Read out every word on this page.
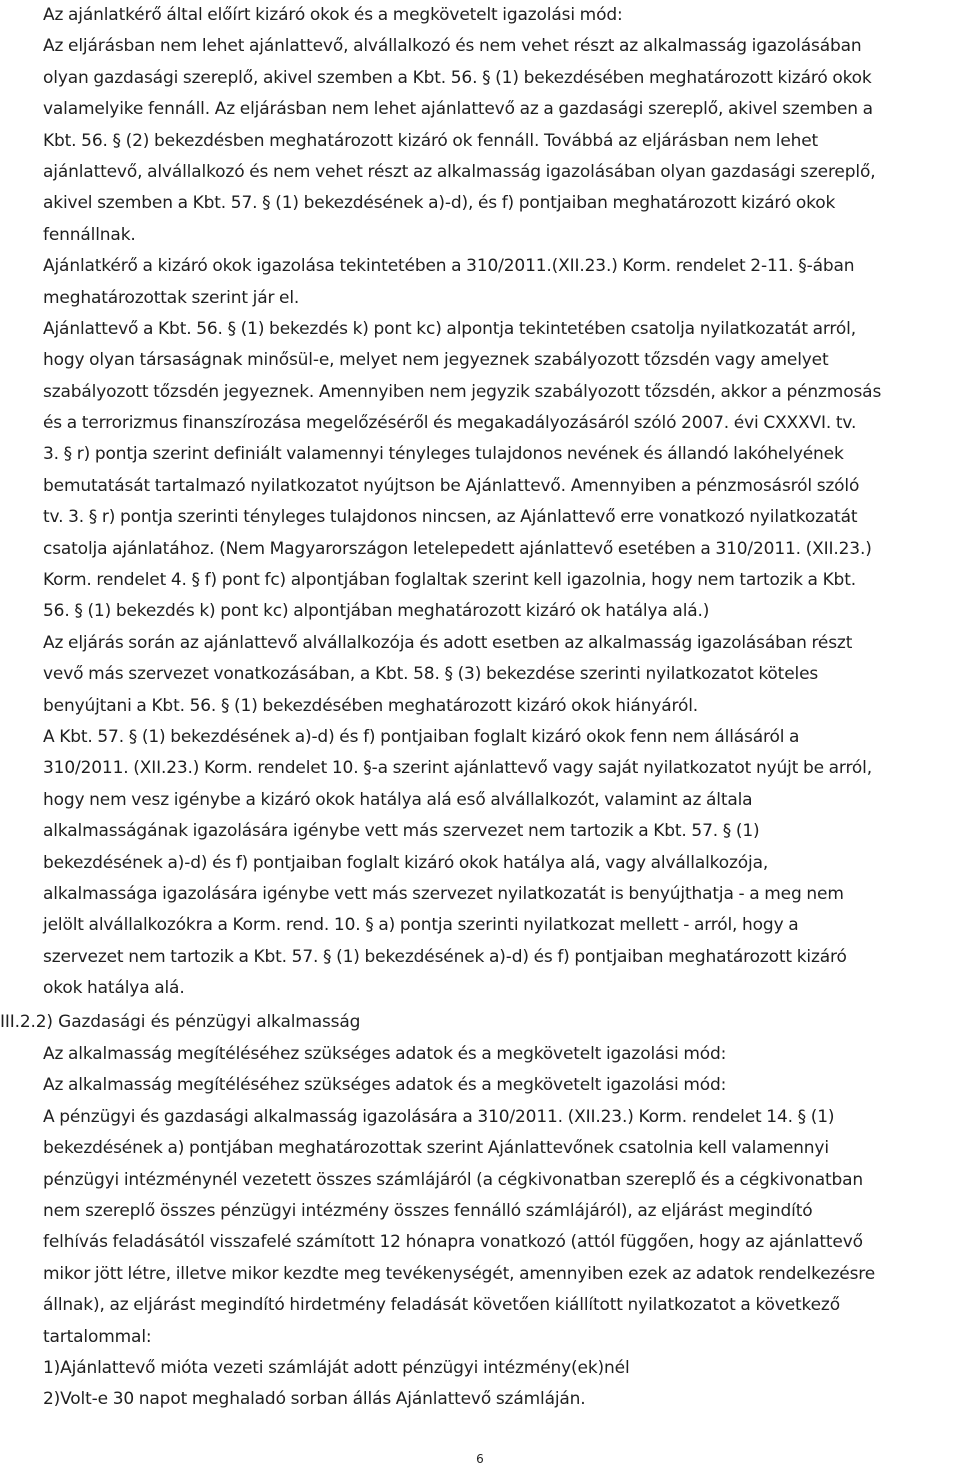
Az ajánlatkérő által előírt kizáró okok és a megkövetelt igazolási mód:
Az eljárásban nem lehet ajánlattevő, alvállalkozó és nem vehet részt az alkalmasság igazolásában
olyan gazdasági szereplő, akivel szemben a Kbt. 56. § (1) bekezdésében meghatározott kizáró okok
valamelyike fennáll. Az eljárásban nem lehet ajánlattevő az a gazdasági szereplő, akivel szemben a
Kbt. 56. § (2) bekezdésben meghatározott kizáró ok fennáll. Továbbá az eljárásban nem lehet
ajánlattevő, alvállalkozó és nem vehet részt az alkalmasság igazolásában olyan gazdasági szereplő,
akivel szemben a Kbt. 57. § (1) bekezdésének a)-d), és f) pontjaiban meghatározott kizáró okok
fennállnak.
Ajánlatkérő a kizáró okok igazolása tekintetében a 310/2011.(XII.23.) Korm. rendelet 2-11. §-ában
meghatározottak szerint jár el.
Ajánlattevő a Kbt. 56. § (1) bekezdés k) pont kc) alpontja tekintetében csatolja nyilatkozatát arról,
hogy olyan társaságnak minősül-e, melyet nem jegyeznek szabályozott tőzsdén vagy amelyet
szabályozott tőzsdén jegyeznek. Amennyiben nem jegyzik szabályozott tőzsdén, akkor a pénzmosás
és a terrorizmus finanszírozása megelőzéséről és megakadályozásáról szóló 2007. évi CXXXVI. tv.
3. § r) pontja szerint definiált valamennyi tényleges tulajdonos nevének és állandó lakóhelyének
bemutatását tartalmazó nyilatkozatot nyújtson be Ajánlattevő. Amennyiben a pénzmosásról szóló
tv. 3. § r) pontja szerinti tényleges tulajdonos nincsen, az Ajánlattevő erre vonatkozó nyilatkozatát
csatolja ajánlatához. (Nem Magyarországon letelepedett ajánlattevő esetében a 310/2011. (XII.23.)
Korm. rendelet 4. § f) pont fc) alpontjában foglaltak szerint kell igazolnia, hogy nem tartozik a Kbt.
56. § (1) bekezdés k) pont kc) alpontjában meghatározott kizáró ok hatálya alá.)
Az eljárás során az ajánlattevő alvállalkozója és adott esetben az alkalmasság igazolásában részt
vevő más szervezet vonatkozásában, a Kbt. 58. § (3) bekezdése szerinti nyilatkozatot köteles
benyújtani a Kbt. 56. § (1) bekezdésében meghatározott kizáró okok hiányáról.
A Kbt. 57. § (1) bekezdésének a)-d) és f) pontjaiban foglalt kizáró okok fenn nem állásáról a
310/2011. (XII.23.) Korm. rendelet 10. §-a szerint ajánlattevő vagy saját nyilatkozatot nyújt be arról,
hogy nem vesz igénybe a kizáró okok hatálya alá eső alvállalkozót, valamint az általa
alkalmasságának igazolására igénybe vett más szervezet nem tartozik a Kbt. 57. § (1)
bekezdésének a)-d) és f) pontjaiban foglalt kizáró okok hatálya alá, vagy alvállalkozója,
alkalmassága igazolására igénybe vett más szervezet nyilatkozatát is benyújthatja - a meg nem
jelölt alvállalkozókra a Korm. rend. 10. § a) pontja szerinti nyilatkozat mellett - arról, hogy a
szervezet nem tartozik a Kbt. 57. § (1) bekezdésének a)-d) és f) pontjaiban meghatározott kizáró
okok hatálya alá.
III.2.2) Gazdasági és pénzügyi alkalmasság
Az alkalmasság megítéléséhez szükséges adatok és a megkövetelt igazolási mód:
Az alkalmasság megítéléséhez szükséges adatok és a megkövetelt igazolási mód:
A pénzügyi és gazdasági alkalmasság igazolására a 310/2011. (XII.23.) Korm. rendelet 14. § (1)
bekezdésének a) pontjában meghatározottak szerint Ajánlattevőnek csatolnia kell valamennyi
pénzügyi intézménynél vezetett összes számlájáról (a cégkivonatban szereplő és a cégkivonatban
nem szereplő összes pénzügyi intézmény összes fennálló számlájáról), az eljárást megindító
felhívás feladásától visszafelé számított 12 hónapra vonatkozó (attól függően, hogy az ajánlattevő
mikor jött létre, illetve mikor kezdte meg tevékenységét, amennyiben ezek az adatok rendelkezésre
állnak), az eljárást megindító hirdetmény feladását követően kiállított nyilatkozatot a következő
tartalommal:
1)Ajánlattevő mióta vezeti számláját adott pénzügyi intézmény(ek)nél
2)Volt-e 30 napot meghaladó sorban állás Ajánlattevő számláján.
6
